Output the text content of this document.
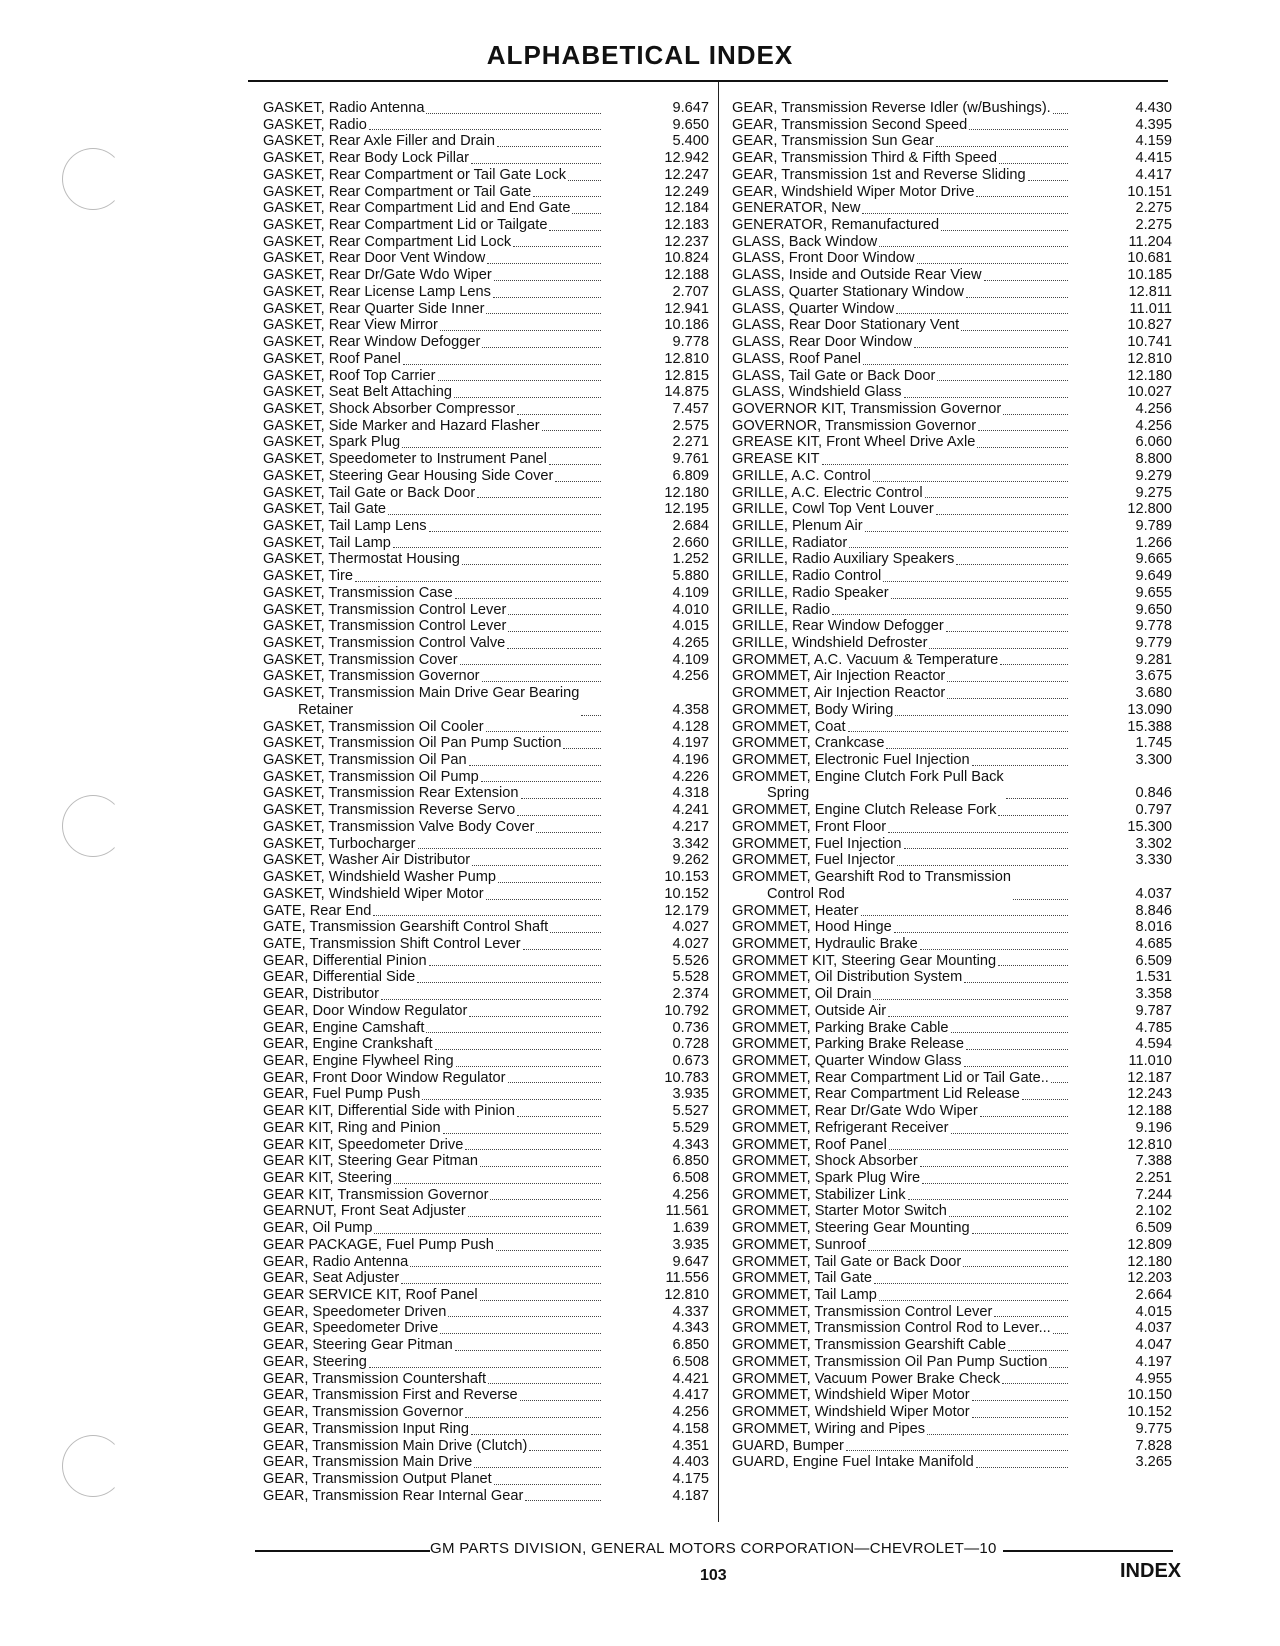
ALPHABETICAL INDEX
GASKET, Radio Antenna	9.647
GASKET, Radio	9.650
GASKET, Rear Axle Filler and Drain	5.400
GASKET, Rear Body Lock Pillar	12.942
GASKET, Rear Compartment or Tail Gate Lock	12.247
GASKET, Rear Compartment or Tail Gate	12.249
GASKET, Rear Compartment Lid and End Gate	12.184
GASKET, Rear Compartment Lid or Tailgate	12.183
GASKET, Rear Compartment Lid Lock	12.237
GASKET, Rear Door Vent Window	10.824
GASKET, Rear Dr/Gate Wdo Wiper	12.188
GASKET, Rear License Lamp Lens	2.707
GASKET, Rear Quarter Side Inner	12.941
GASKET, Rear View Mirror	10.186
GASKET, Rear Window Defogger	9.778
GASKET, Roof Panel	12.810
GASKET, Roof Top Carrier	12.815
GASKET, Seat Belt Attaching	14.875
GASKET, Shock Absorber Compressor	7.457
GASKET, Side Marker and Hazard Flasher	2.575
GASKET, Spark Plug	2.271
GASKET, Speedometer to Instrument Panel	9.761
GASKET, Steering Gear Housing Side Cover	6.809
GASKET, Tail Gate or Back Door	12.180
GASKET, Tail Gate	12.195
GASKET, Tail Lamp Lens	2.684
GASKET, Tail Lamp	2.660
GASKET, Thermostat Housing	1.252
GASKET, Tire	5.880
GASKET, Transmission Case	4.109
GASKET, Transmission Control Lever	4.010
GASKET, Transmission Control Lever	4.015
GASKET, Transmission Control Valve	4.265
GASKET, Transmission Cover	4.109
GASKET, Transmission Governor	4.256
GASKET, Transmission Main Drive Gear Bearing
Retainer	4.358
GASKET, Transmission Oil Cooler	4.128
GASKET, Transmission Oil Pan Pump Suction	4.197
GASKET, Transmission Oil Pan	4.196
GASKET, Transmission Oil Pump	4.226
GASKET, Transmission Rear Extension	4.318
GASKET, Transmission Reverse Servo	4.241
GASKET, Transmission Valve Body Cover	4.217
GASKET, Turbocharger	3.342
GASKET, Washer Air Distributor	9.262
GASKET, Windshield Washer Pump	10.153
GASKET, Windshield Wiper Motor	10.152
GATE, Rear End	12.179
GATE, Transmission Gearshift Control Shaft	4.027
GATE, Transmission Shift Control Lever	4.027
GEAR, Differential Pinion	5.526
GEAR, Differential Side	5.528
GEAR, Distributor	2.374
GEAR, Door Window Regulator	10.792
GEAR, Engine Camshaft	0.736
GEAR, Engine Crankshaft	0.728
GEAR, Engine Flywheel Ring	0.673
GEAR, Front Door Window Regulator	10.783
GEAR, Fuel Pump Push	3.935
GEAR KIT, Differential Side with Pinion	5.527
GEAR KIT, Ring and Pinion	5.529
GEAR KIT, Speedometer Drive	4.343
GEAR KIT, Steering Gear Pitman	6.850
GEAR KIT, Steering	6.508
GEAR KIT, Transmission Governor	4.256
GEARNUT, Front Seat Adjuster	11.561
GEAR, Oil Pump	1.639
GEAR PACKAGE, Fuel Pump Push	3.935
GEAR, Radio Antenna	9.647
GEAR, Seat Adjuster	11.556
GEAR SERVICE KIT, Roof Panel	12.810
GEAR, Speedometer Driven	4.337
GEAR, Speedometer Drive	4.343
GEAR, Steering Gear Pitman	6.850
GEAR, Steering	6.508
GEAR, Transmission Countershaft	4.421
GEAR, Transmission First and Reverse	4.417
GEAR, Transmission Governor	4.256
GEAR, Transmission Input Ring	4.158
GEAR, Transmission Main Drive (Clutch)	4.351
GEAR, Transmission Main Drive	4.403
GEAR, Transmission Output Planet	4.175
GEAR, Transmission Rear Internal Gear	4.187
GEAR, Transmission Reverse Idler (w/Bushings).	4.430
GEAR, Transmission Second Speed	4.395
GEAR, Transmission Sun Gear	4.159
GEAR, Transmission Third & Fifth Speed	4.415
GEAR, Transmission 1st and Reverse Sliding	4.417
GEAR, Windshield Wiper Motor Drive	10.151
GENERATOR, New	2.275
GENERATOR, Remanufactured	2.275
GLASS, Back Window	11.204
GLASS, Front Door Window	10.681
GLASS, Inside and Outside Rear View	10.185
GLASS, Quarter Stationary Window	12.811
GLASS, Quarter Window	11.011
GLASS, Rear Door Stationary Vent	10.827
GLASS, Rear Door Window	10.741
GLASS, Roof Panel	12.810
GLASS, Tail Gate or Back Door	12.180
GLASS, Windshield Glass	10.027
GOVERNOR KIT, Transmission Governor	4.256
GOVERNOR, Transmission Governor	4.256
GREASE KIT, Front Wheel Drive Axle	6.060
GREASE KIT	8.800
GRILLE, A.C. Control	9.279
GRILLE, A.C. Electric Control	9.275
GRILLE, Cowl Top Vent Louver	12.800
GRILLE, Plenum Air	9.789
GRILLE, Radiator	1.266
GRILLE, Radio Auxiliary Speakers	9.665
GRILLE, Radio Control	9.649
GRILLE, Radio Speaker	9.655
GRILLE, Radio	9.650
GRILLE, Rear Window Defogger	9.778
GRILLE, Windshield Defroster	9.779
GROMMET, A.C. Vacuum & Temperature	9.281
GROMMET, Air Injection Reactor	3.675
GROMMET, Air Injection Reactor	3.680
GROMMET, Body Wiring	13.090
GROMMET, Coat	15.388
GROMMET, Crankcase	1.745
GROMMET, Electronic Fuel Injection	3.300
GROMMET, Engine Clutch Fork Pull Back
Spring	0.846
GROMMET, Engine Clutch Release Fork	0.797
GROMMET, Front Floor	15.300
GROMMET, Fuel Injection	3.302
GROMMET, Fuel Injector	3.330
GROMMET, Gearshift Rod to Transmission
Control Rod	4.037
GROMMET, Heater	8.846
GROMMET, Hood Hinge	8.016
GROMMET, Hydraulic Brake	4.685
GROMMET KIT, Steering Gear Mounting	6.509
GROMMET, Oil Distribution System	1.531
GROMMET, Oil Drain	3.358
GROMMET, Outside Air	9.787
GROMMET, Parking Brake Cable	4.785
GROMMET, Parking Brake Release	4.594
GROMMET, Quarter Window Glass	11.010
GROMMET, Rear Compartment Lid or Tail Gate..	12.187
GROMMET, Rear Compartment Lid Release	12.243
GROMMET, Rear Dr/Gate Wdo Wiper	12.188
GROMMET, Refrigerant Receiver	9.196
GROMMET, Roof Panel	12.810
GROMMET, Shock Absorber	7.388
GROMMET, Spark Plug Wire	2.251
GROMMET, Stabilizer Link	7.244
GROMMET, Starter Motor Switch	2.102
GROMMET, Steering Gear Mounting	6.509
GROMMET, Sunroof	12.809
GROMMET, Tail Gate or Back Door	12.180
GROMMET, Tail Gate	12.203
GROMMET, Tail Lamp	2.664
GROMMET, Transmission Control Lever	4.015
GROMMET, Transmission Control Rod to Lever...	4.037
GROMMET, Transmission Gearshift Cable	4.047
GROMMET, Transmission Oil Pan Pump Suction	4.197
GROMMET, Vacuum Power Brake Check	4.955
GROMMET, Windshield Wiper Motor	10.150
GROMMET, Windshield Wiper Motor	10.152
GROMMET, Wiring and Pipes	9.775
GUARD, Bumper	7.828
GUARD, Engine Fuel Intake Manifold	3.265
GM PARTS DIVISION, GENERAL MOTORS CORPORATION—CHEVROLET—10
103	INDEX
